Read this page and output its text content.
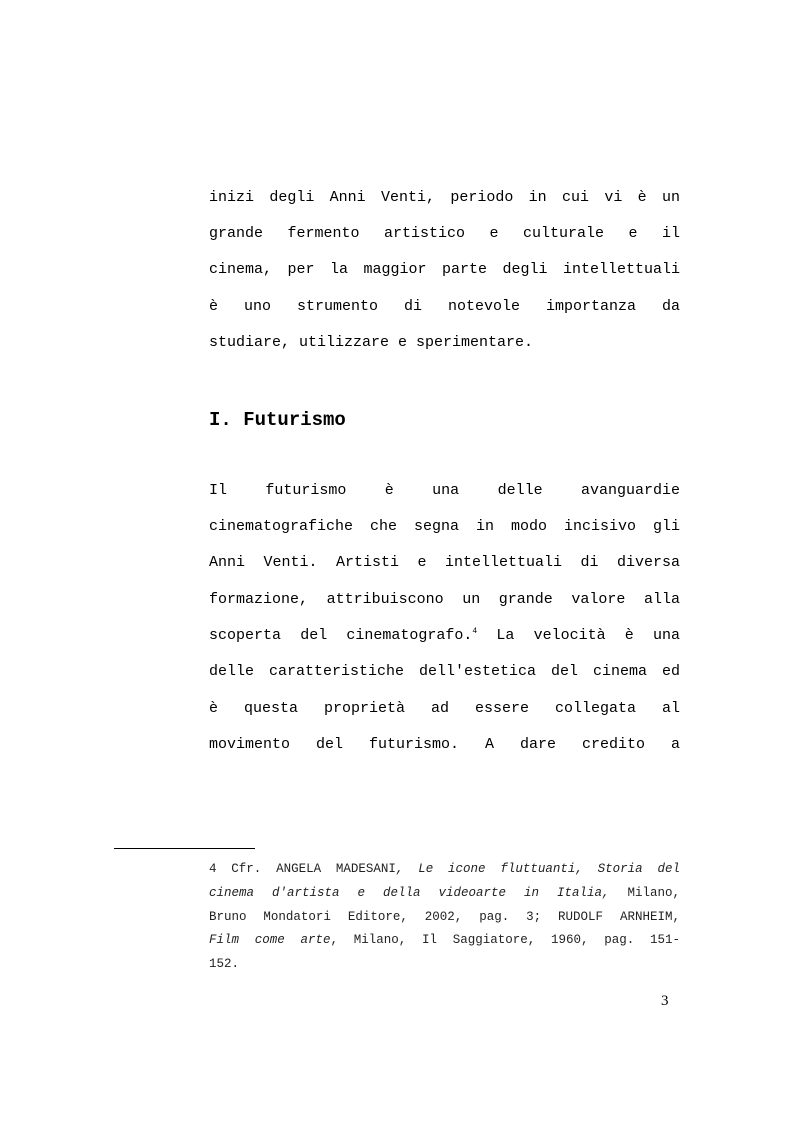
inizi degli Anni Venti, periodo in cui vi è un
grande fermento artistico e culturale e il
cinema, per la maggior parte degli intellettuali
è uno strumento di notevole importanza da
studiare, utilizzare e sperimentare.
I. Futurismo
Il futurismo è una delle avanguardie
cinematografiche che segna in modo incisivo gli
Anni Venti. Artisti e intellettuali di diversa
formazione, attribuiscono un grande valore alla
scoperta del cinematografo.$^4$ La velocità è una
delle caratteristiche dell'estetica del cinema ed
è questa proprietà ad essere collegata al
movimento del futurismo. A dare credito a
4 Cfr. ANGELA MADESANI, Le icone fluttuanti, Storia del
cinema d'artista e della videoarte in Italia, Milano,
Bruno Mondatori Editore, 2002, pag. 3; RUDOLF ARNHEIM,
Film come arte, Milano, Il Saggiatore, 1960, pag. 151-
152.
3
